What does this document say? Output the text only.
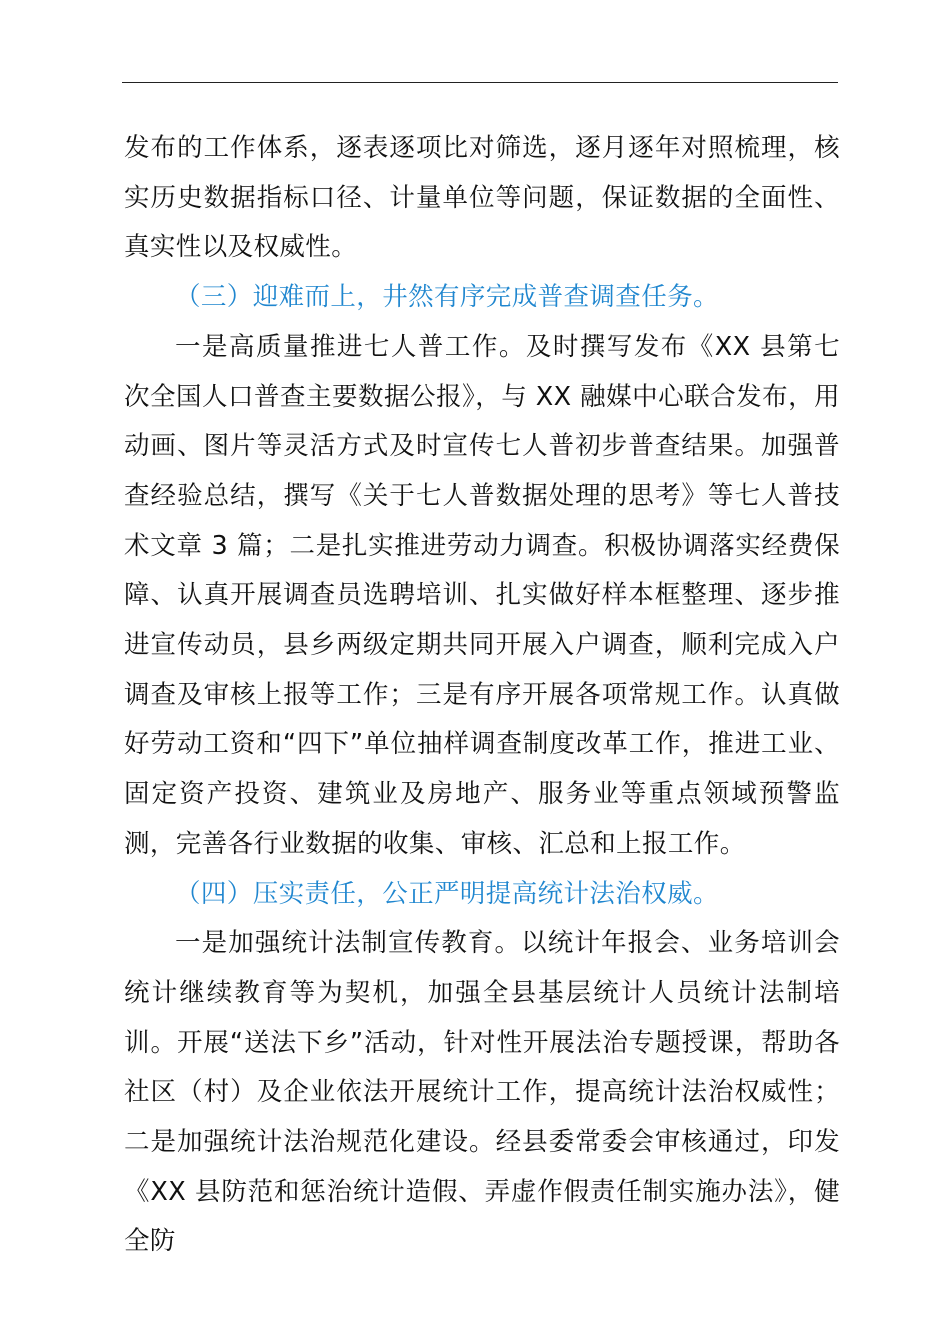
发布的工作体系，逐表逐项比对筛选，逐月逐年对照梳理，核实历史数据指标口径、计量单位等问题，保证数据的全面性、真实性以及权威性。

（三）迎难而上，井然有序完成普查调查任务。

一是高质量推进七人普工作。及时撰写发布《XX 县第七次全国人口普查主要数据公报》，与 XX 融媒中心联合发布，用动画、图片等灵活方式及时宣传七人普初步普查结果。加强普查经验总结，撰写《关于七人普数据处理的思考》等七人普技术文章 3 篇；二是扎实推进劳动力调查。积极协调落实经费保障、认真开展调查员选聘培训、扎实做好样本框整理、逐步推进宣传动员，县乡两级定期共同开展入户调查，顺利完成入户调查及审核上报等工作；三是有序开展各项常规工作。认真做好劳动工资和“四下”单位抽样调查制度改革工作，推进工业、固定资产投资、建筑业及房地产、服务业等重点领域预警监测，完善各行业数据的收集、审核、汇总和上报工作。

（四）压实责任，公正严明提高统计法治权威。

一是加强统计法制宣传教育。以统计年报会、业务培训会统计继续教育等为契机，加强全县基层统计人员统计法制培训。开展“送法下乡”活动，针对性开展法治专题授课，帮助各社区（村）及企业依法开展统计工作，提高统计法治权威性；二是加强统计法治规范化建设。经县委常委会审核通过，印发《XX 县防范和惩治统计造假、弄虚作假责任制实施办法》，健全防
